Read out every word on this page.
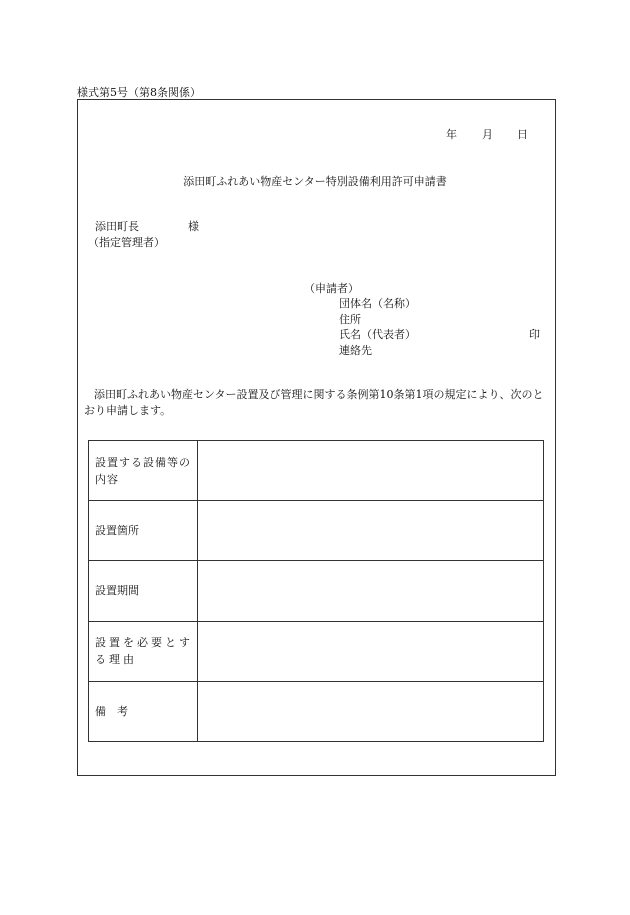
様式第5号（第8条関係）
年 月 日
添田町ふれあい物産センター特別設備利用許可申請書
添田町長	様
（指定管理者）
（申請者）
団体名（名称）
住所
氏名（代表者）	印
連絡先
添田町ふれあい物産センター設置及び管理に関する条例第10条第1項の規定により、次のとおり申請します。
設置する設備等の内容	
設置箇所	
設置期間	
設置を必要とする理由	
備　考	
